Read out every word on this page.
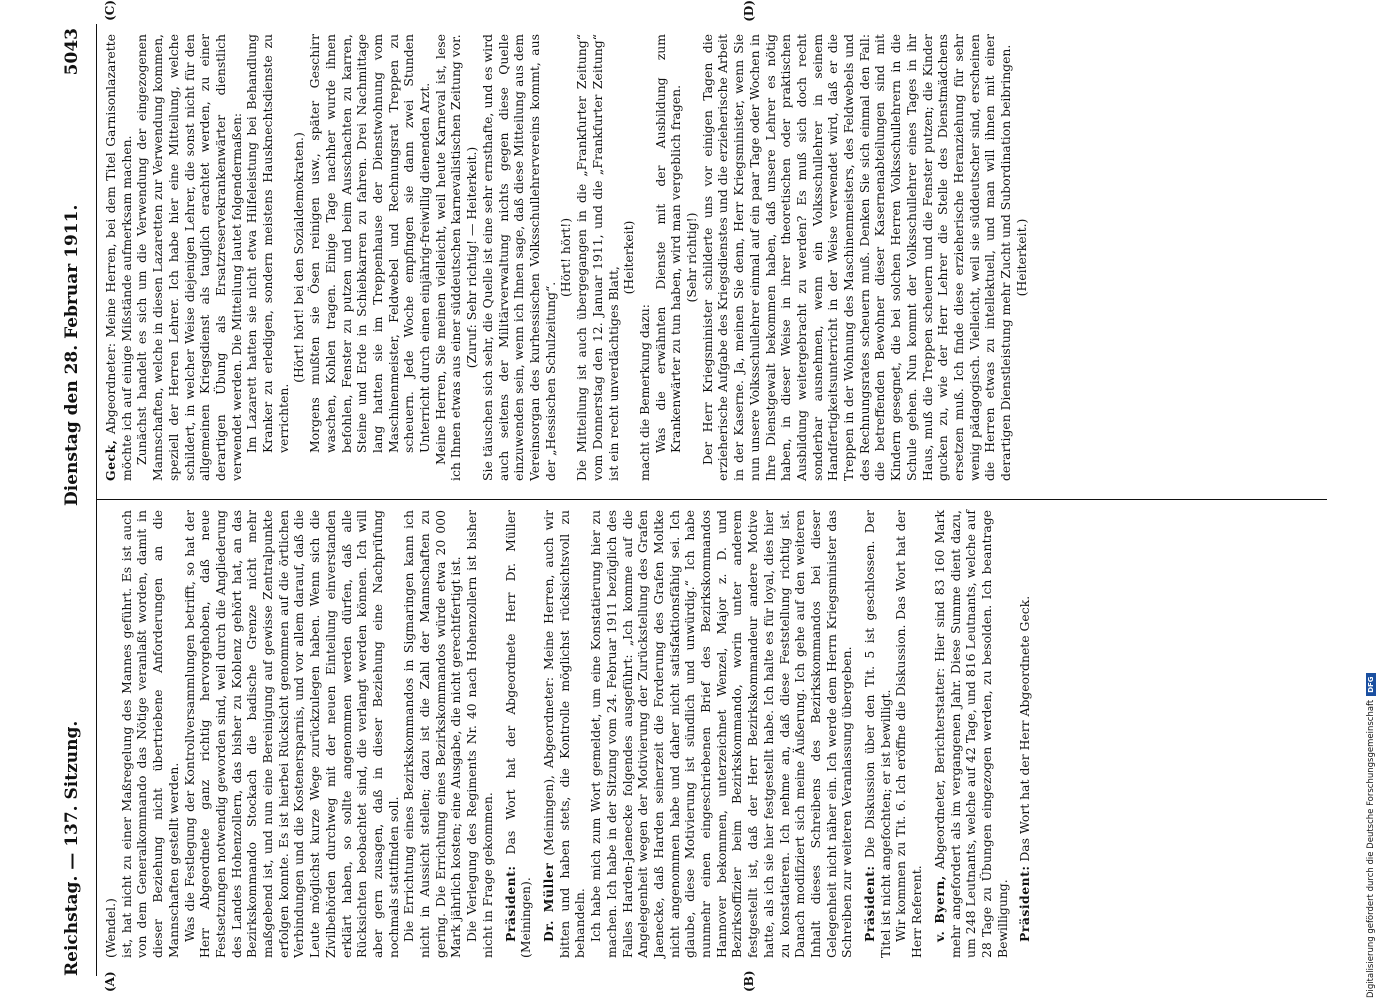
Reichstag. — 137. Sitzung.
Dienstag den 28. Februar 1911.
5043
(A)	(B)

(Wendel.) ist, hat nicht zu einer Maßregelung des Mannes geführt. Es ist auch von dem Generalkommando das Nötige veranlaßt worden, damit in dieser Beziehung nicht übertriebene Anforderungen an die Mannschaften gestellt werden. Was die Festlegung der Kontrollversammlungen betrifft, so hat der Herr Abgeordnete ganz richtig hervorgehoben, daß neue Festsetzungen notwendig geworden sind, weil durch die Angliederung des Landes Hohenzollern, das bisher zu Koblenz gehört hat, an das Bezirkskommando Stockach die badische Grenze nicht mehr maßgebend ist, und nun eine Bereinigung auf gewisse Zentralpunkte erfolgen konnte. Es ist hierbei Rücksicht genommen auf die örtlichen Verbindungen und die Kostenersparnis, und vor allem darauf, daß die Leute möglichst kurze Wege zurückzulegen haben. Wenn sich die Zivilbehörden durchweg mit der neuen Einteilung einverstanden erklärt haben, so sollte angenommen werden dürfen, daß alle Rücksichten beobachtet sind, die verlangt werden können. Ich will aber gern zusagen, daß in dieser Beziehung eine Nachprüfung nochmals stattfinden soll. Die Errichtung eines Bezirkskommandos in Sigmaringen kann ich nicht in Aussicht stellen; dazu ist die Zahl der Mannschaften zu gering. Die Errichtung eines Bezirkskommandos würde etwa 20 000 Mark jährlich kosten; eine Ausgabe, die nicht gerechtfertigt ist. Die Verlegung des Regiments Nr. 40 nach Hohenzollern ist bisher nicht in Frage gekommen. Präsident: Das Wort hat der Abgeordnete Herr Dr. Müller (Meiningen). Dr. Müller (Meiningen), Abgeordneter: Meine Herren, auch wir bitten und haben stets, die Kontrolle möglichst rücksichtsvoll zu behandeln. Ich habe mich zum Wort gemeldet, um eine Konstatierung hier zu machen. Ich habe in der Sitzung vom 24. Februar 1911 bezüglich des Falles Harden-Jaenecke folgendes ausgeführt: „Ich komme auf die Angelegenheit wegen der Motivierung der Zurückstellung des Grafen Jaenecke, daß Harden seinerzeit die Forderung des Grafen Moltke nicht angenommen habe und daher nicht satisfaktionsfähig sei. Ich glaube, diese Motivierung ist sündlich und unwürdig.“ Ich habe nunmehr einen eingeschriebenen Brief des Bezirkskommandos Hannover bekommen, unterzeichnet Wenzel, Major z. D. und Bezirksoffizier beim Bezirkskommando, worin unter anderem festgestellt ist, daß der Herr Bezirkskommandeur andere Motive hatte, als ich sie hier festgestellt habe. Ich halte es für loyal, dies hier zu konstatieren. Ich nehme an, daß diese Feststellung richtig ist. Danach modifiziert sich meine Äußerung. Ich gehe auf den weiteren Inhalt dieses Schreibens des Bezirkskommandos bei dieser Gelegenheit nicht näher ein. Ich werde dem Herrn Kriegsminister das Schreiben zur weiteren Veranlassung übergeben. Präsident: Die Diskussion über den Tit. 5 ist geschlossen. Der Titel ist nicht angefochten; er ist bewilligt. Wir kommen zu Tit. 6. Ich eröffne die Diskussion. Das Wort hat der Herr Referent. v. Byern, Abgeordneter, Berichterstatter: Hier sind 83 160 Mark mehr angefordert als im vergangenen Jahr. Diese Summe dient dazu, um 248 Leutnants, welche auf 42 Tage, und 816 Leutnants, welche auf 28 Tage zu Übungen eingezogen werden, zu besolden. Ich beantrage Bewilligung. Präsident: Das Wort hat der Herr Abgeordnete Geck.

(C)	(D)

Geck, Abgeordneter: Meine Herren, bei dem Titel Garnisonlazarette möchte ich auf einige Mißstände aufmerksam machen. Zunächst handelt es sich um die Verwendung der eingezogenen Mannschaften, welche in diesen Lazaretten zur Verwendung kommen, speziell der Herren Lehrer. Ich habe hier eine Mitteilung, welche schildert, in welcher Weise diejenigen Lehrer, die sonst nicht für den allgemeinen Kriegsdienst als tauglich erachtet werden, zu einer derartigen Übung als Ersatzreservekrankenwärter dienstlich verwendet werden. Die Mitteilung lautet folgendermaßen: Im Lazarett hatten sie nicht etwa Hilfeleistung bei Behandlung Kranker zu erledigen, sondern meistens Hausknechtsdienste zu verrichten.

(Hört! hört! bei den Sozialdemokraten.) Morgens mußten sie Ösen reinigen usw., später Geschirr waschen, Kohlen tragen. Einige Tage nachher wurde ihnen befohlen, Fenster zu putzen und beim Ausschachten zu karren, Steine und Erde in Schiebkarren zu fahren. Drei Nachmittage lang hatten sie im Treppenhause der Dienstwohnung vom Maschinenmeister, Feldwebel und Rechnungsrat Treppen zu scheuern. Jede Woche empfingen sie dann zwei Stunden Unterricht durch einen einjährig-freiwillig dienenden Arzt. Meine Herren, Sie meinen vielleicht, weil heute Karneval ist, lese ich Ihnen etwas aus einer süddeutschen karnevalistischen Zeitung vor. (Zuruf: Sehr richtig! — Heiterkeit.) Sie täuschen sich sehr, die Quelle ist eine sehr ernsthafte, und es wird auch seitens der Militärverwaltung nichts gegen diese Quelle einzuwenden sein, wenn ich Ihnen sage, daß diese Mitteilung aus dem Vereinsorgan des kurhessischen Volksschullehrervereins kommt, aus der „Hessischen Schulzeitung“.

(Hört! hört!) Die Mitteilung ist auch übergegangen in die „Frankfurter Zeitung“ vom Donnerstag den 12. Januar 1911, und die „Frankfurter Zeitung“ ist ein recht unverdächtiges Blatt,

(Heiterkeit)

macht die Bemerkung dazu: Was die erwähnten Dienste mit der Ausbildung zum Krankenwärter zu tun haben, wird man vergeblich fragen. (Sehr richtig!) Der Herr Kriegsminister schilderte uns vor einigen Tagen die erzieherische Aufgabe des Kriegsdienstes und die erzieherische Arbeit in der Kaserne. Ja, meinen Sie denn, Herr Kriegsminister, wenn Sie nun unsere Volksschullehrer einmal auf ein paar Tage oder Wochen in Ihre Dienstgewalt bekommen haben, daß unsere Lehrer es nötig haben, in dieser Weise in ihrer theoretischen oder praktischen Ausbildung weitergebracht zu werden? Es muß sich doch recht sonderbar ausnehmen, wenn ein Volksschullehrer in seinem Handfertigkeitsunterricht in der Weise verwendet wird, daß er die Treppen in der Wohnung des Maschinenmeisters, des Feldwebels und des Rechnungsrates scheuern muß. Denken Sie sich einmal den Fall: die betreffenden Bewohner dieser Kasernenabteilungen sind mit Kindern gesegnet, die bei solchen Herren Volksschullehrern in die Schule gehen. Nun kommt der Volksschullehrer eines Tages in ihr Haus, muß die Treppen scheuern und die Fenster putzen; die Kinder gucken zu, wie der Herr Lehrer die Stelle des Dienstmädchens ersetzen muß. Ich finde diese erzieherische Heranziehung für sehr wenig pädagogisch. Vielleicht, weil sie süddeutscher sind, erscheinen die Herren etwas zu intellektuell, und man will ihnen mit einer derartigen Dienstleistung mehr Zucht und Subordination beibringen. (Heiterkeit.)

Digitalisierung gefördert durch die Deutsche Forschungsgemeinschaft
DFG
